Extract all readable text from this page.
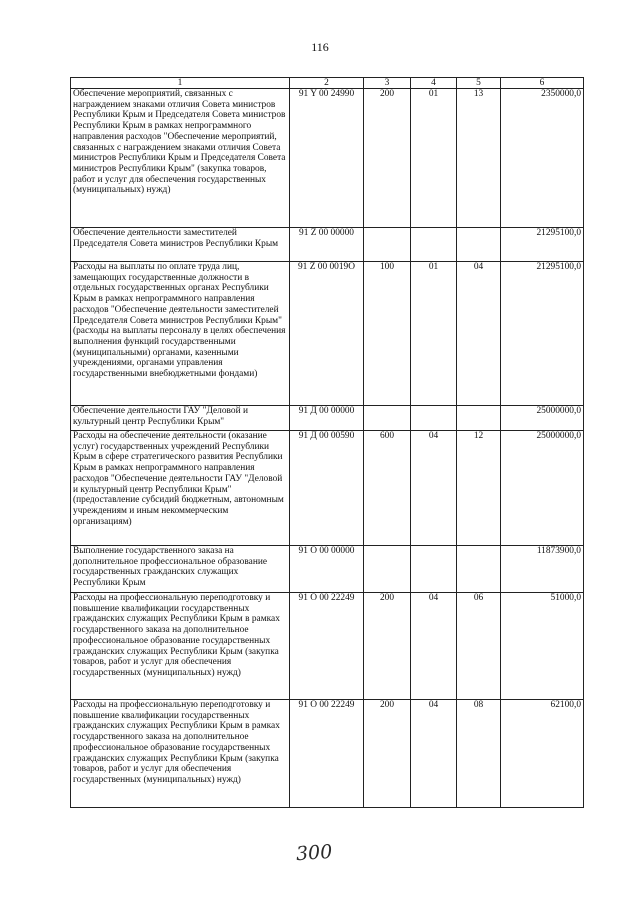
116
1	2	3	4	5	6
Обеспечение мероприятий, связанных с награждением знаками отличия Совета министров Республики Крым и Председателя Совета министров Республики Крым в рамках непрограммного направления расходов "Обеспечение мероприятий, связанных с награждением знаками отличия Совета министров Республики Крым и Председателя Совета министров Республики Крым" (закупка товаров, работ и услуг для обеспечения государственных (муниципальных) нужд)	91 Y 00 24990	200	01	13	2350000,0
Обеспечение деятельности заместителей Председателя Совета министров Республики Крым	91 Z 00 00000				21295100,0
Расходы на выплаты по оплате труда лиц, замещающих государственные должности в отдельных государственных органах Республики Крым в рамках непрограммного направления расходов "Обеспечение деятельности заместителей Председателя Совета министров Республики Крым" (расходы на выплаты персоналу в целях обеспечения выполнения функций государственными (муниципальными) органами, казенными учреждениями, органами управления государственными внебюджетными фондами)	91 Z 00 0019O	100	01	04	21295100,0
Обеспечение деятельности ГАУ "Деловой и культурный центр Республики Крым"	91 Д 00 00000				25000000,0
Расходы на обеспечение деятельности (оказание услуг) государственных учреждений Республики Крым в сфере стратегического развития Республики Крым в рамках непрограммного направления расходов "Обеспечение деятельности ГАУ "Деловой и культурный центр Республики Крым" (предоставление субсидий бюджетным, автономным учреждениям и иным некоммерческим организациям)	91 Д 00 00590	600	04	12	25000000,0
Выполнение государственного заказа на дополнительное профессиональное образование государственных гражданских служащих Республики Крым	91 O 00 00000				11873900,0
Расходы на профессиональную переподготовку и повышение квалификации государственных гражданских служащих Республики Крым в рамках государственного заказа на дополнительное профессиональное образование государственных гражданских служащих Республики Крым (закупка товаров, работ и услуг для обеспечения государственных (муниципальных) нужд)	91 O 00 22249	200	04	06	51000,0
Расходы на профессиональную переподготовку и повышение квалификации государственных гражданских служащих Республики Крым в рамках государственного заказа на дополнительное профессиональное образование государственных гражданских служащих Республики Крым (закупка товаров, работ и услуг для обеспечения государственных (муниципальных) нужд)	91 O 00 22249	200	04	08	62100,0
300
